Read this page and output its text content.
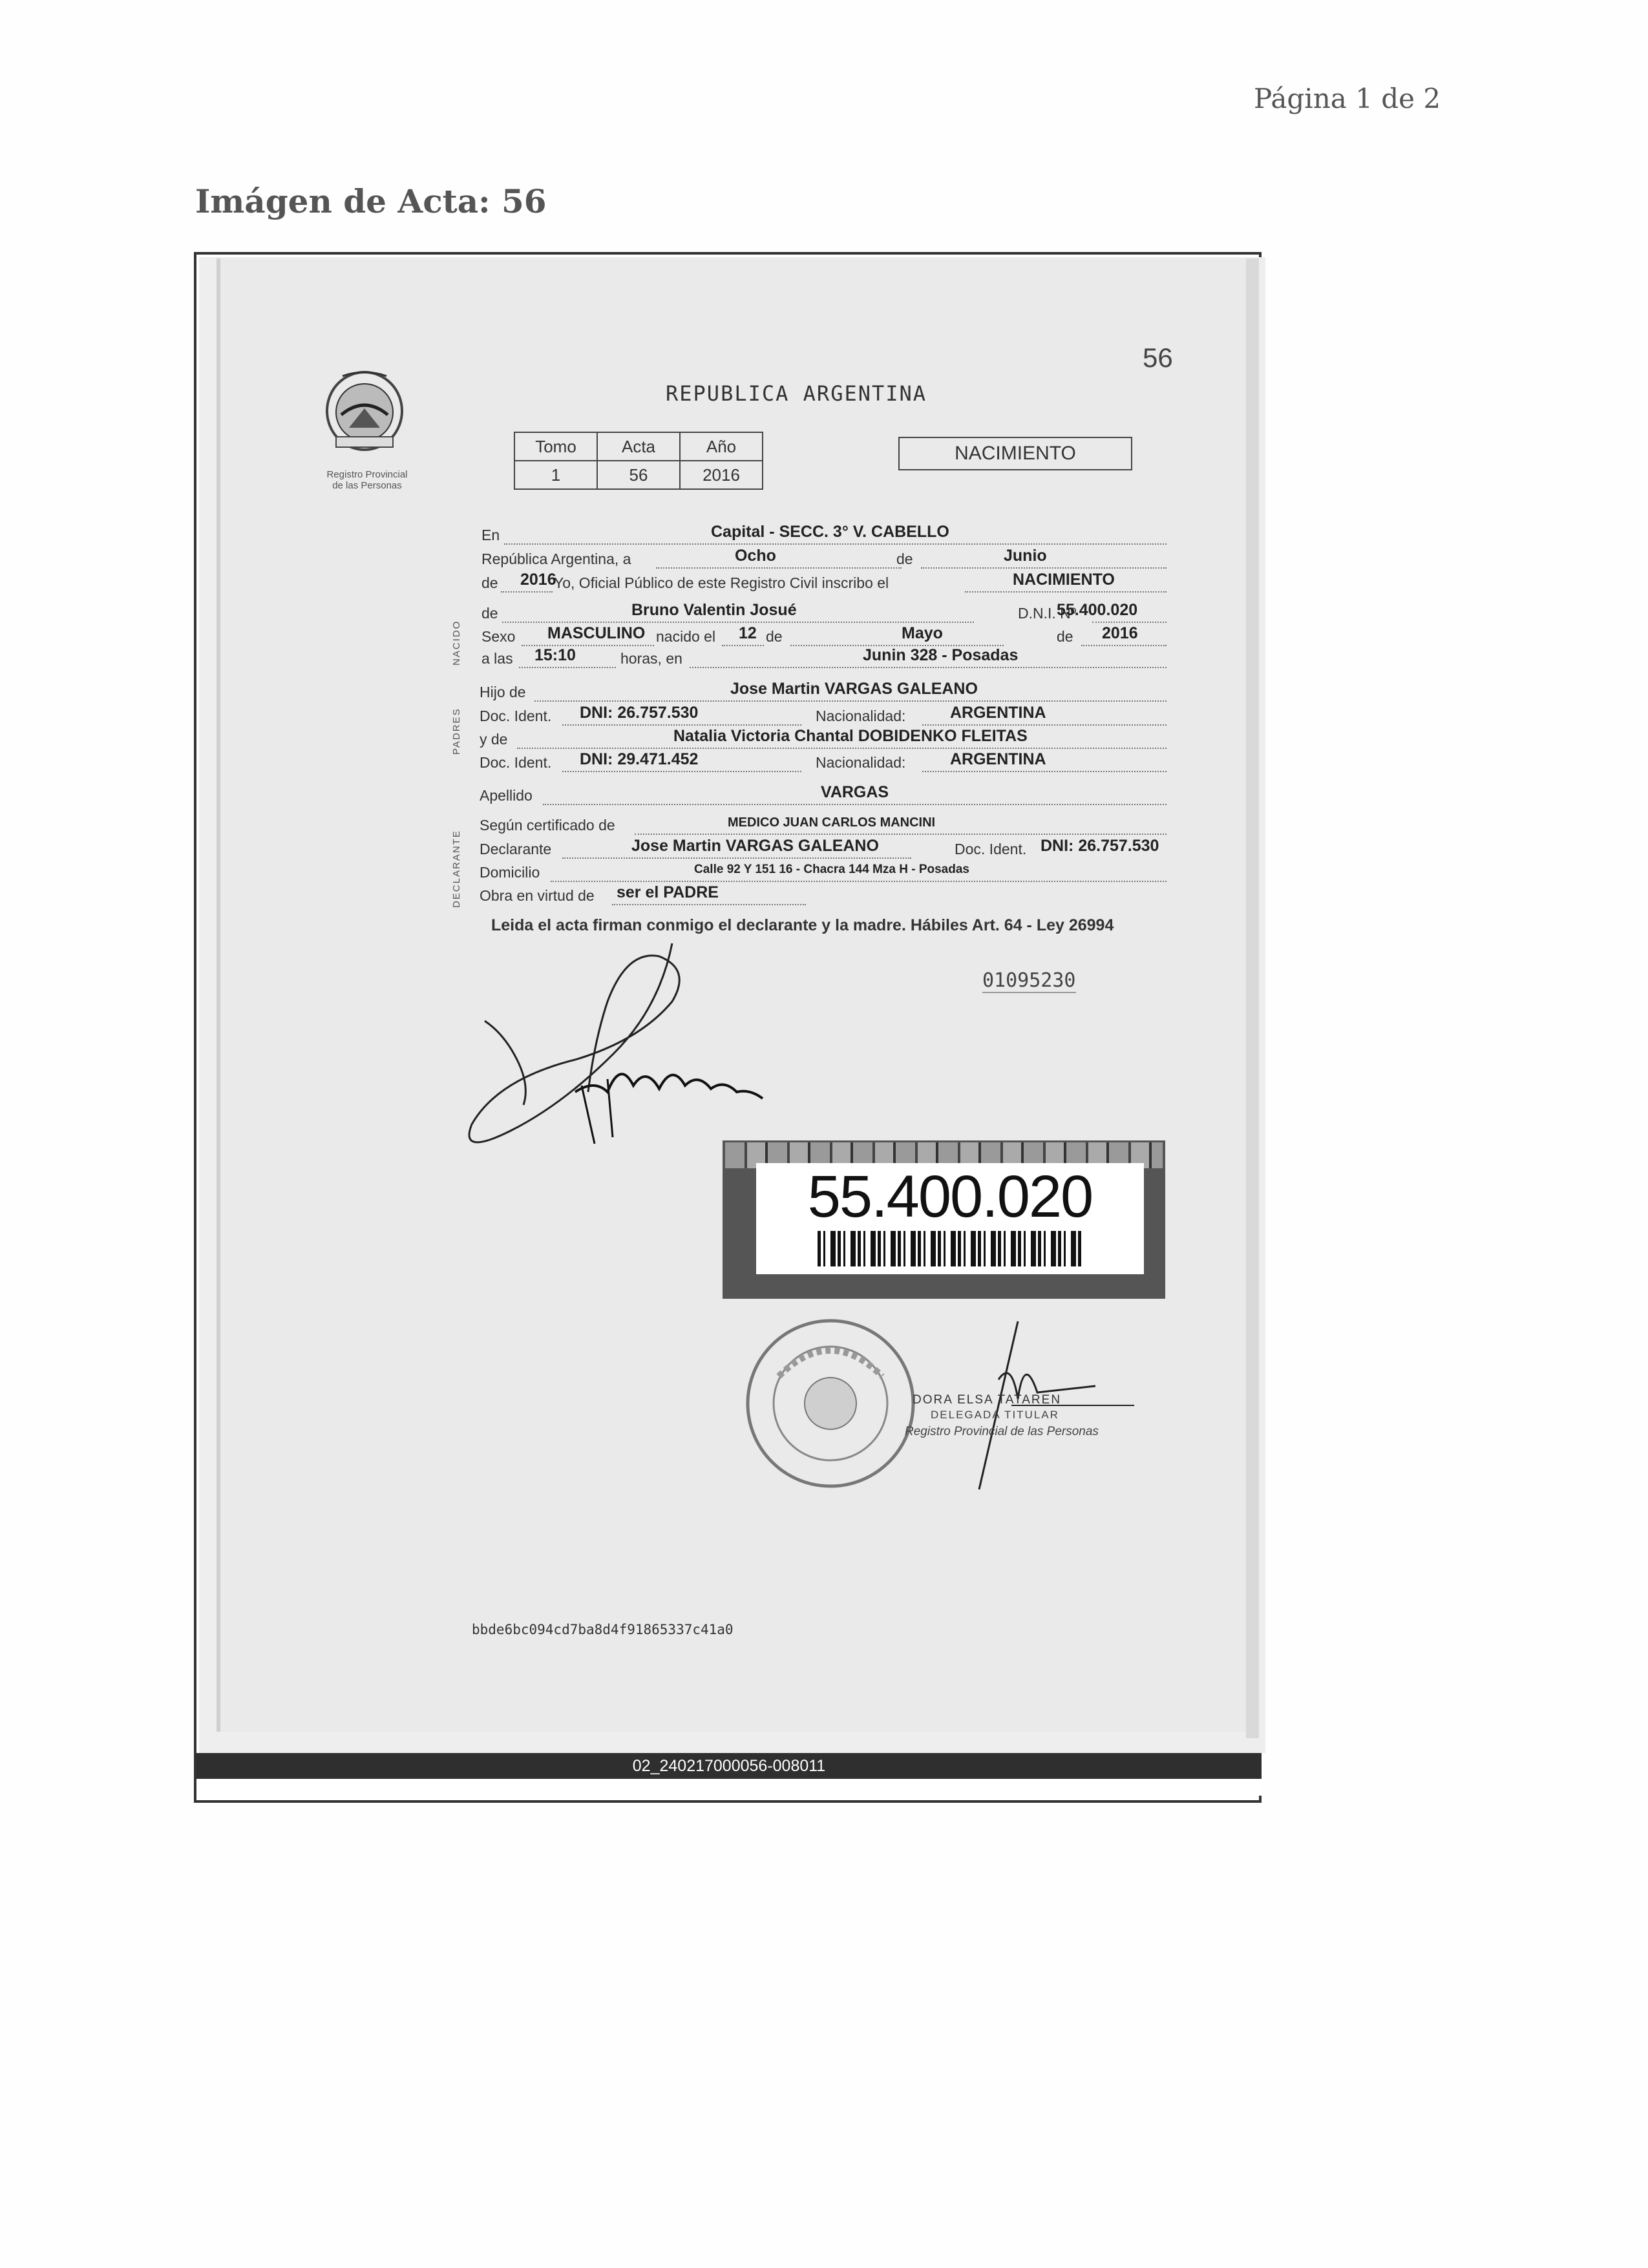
Página 1 de 2
Imágen de Acta: 56
56
REPUBLICA ARGENTINA
Registro Provincial
de las Personas
Tomo	Acta	Año
1	56	2016
NACIMIENTO
NACIDO
PADRES
DECLARANTE
En	Capital - SECC. 3° V. CABELLO
República Argentina, a	Ocho	de	Junio
de 2016
Yo, Oficial Público de este Registro Civil inscribo el	NACIMIENTO
de	Bruno Valentin Josué	D.N.I. Nº
55.400.020
Sexo MASCULINO nacido el 12 de	Mayo	de 2016
a las 15:10	horas, en	Junin 328 - Posadas
Hijo de	Jose Martin VARGAS GALEANO
Doc. Ident. DNI: 26.757.530	Nacionalidad:	ARGENTINA
y de	Natalia Victoria Chantal DOBIDENKO FLEITAS
Doc. Ident. DNI: 29.471.452	Nacionalidad:	ARGENTINA
Apellido	VARGAS
Según certificado de	MEDICO JUAN CARLOS MANCINI
Declarante	Jose Martin VARGAS GALEANO	Doc. Ident. DNI: 26.757.530
Domicilio	Calle 92 Y 151 16 - Chacra 144 Mza H - Posadas
Obra en virtud de ser el PADRE
Leida el acta firman conmigo el declarante y la madre. Hábiles Art. 64 - Ley 26994
01095230
55.400.020
DORA ELSA TATAREN
DELEGADA TITULAR
Registro Provincial de las Personas
bbde6bc094cd7ba8d4f91865337c41a0
02_240217000056-008011
